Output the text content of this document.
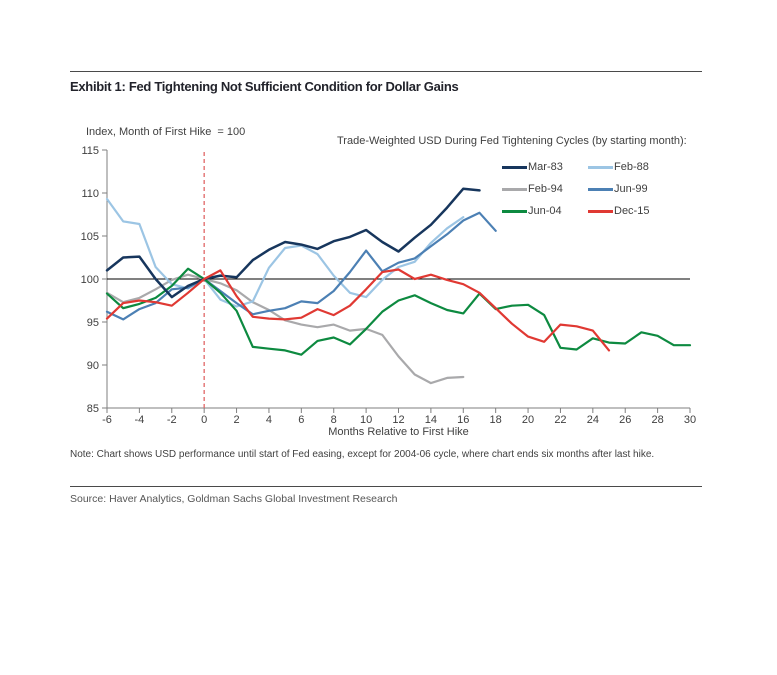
Exhibit 1: Fed Tightening Not Sufficient Condition for Dollar Gains
Index, Month of First Hike  = 100
Trade-Weighted USD During Fed Tightening Cycles (by starting month):
85
90
95
100
105
110
115
-6 -4 -2 0 2 4 6 8 10 12 14 16 18 20 22 24 26 28 30
Months Relative to First Hike
Mar-83	Feb-88
Feb-94	Jun-99
Jun-04	Dec-15
Note: Chart shows USD performance until start of Fed easing, except for 2004-06 cycle, where chart ends six months after last hike.
Source: Haver Analytics, Goldman Sachs Global Investment Research
